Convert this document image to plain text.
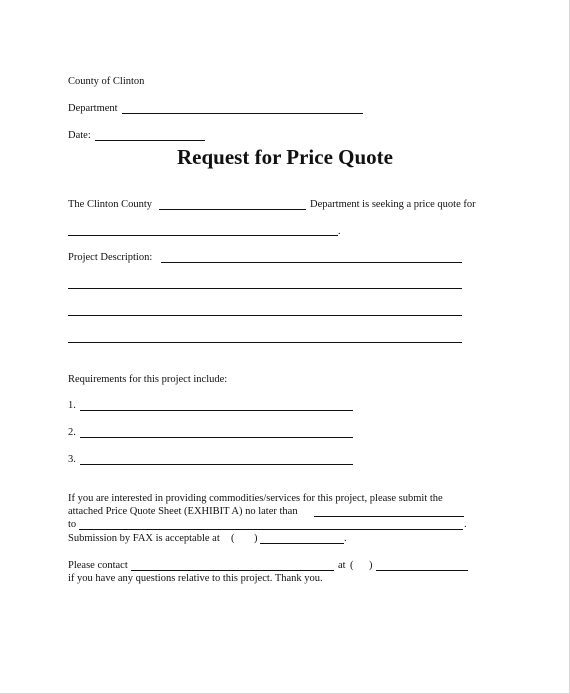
County of Clinton
Department
Date:
Request for Price Quote
The Clinton County	Department is seeking a price quote for
.
Project Description:
Requirements for this project include:
1.
2.
3.
If you are interested in providing commodities/services for this project, please submit the
attached Price Quote Sheet (EXHIBIT A) no later than
to	.
Submission by FAX is acceptable at ( )	.
Please contact	at ( )
if you have any questions relative to this project. Thank you.
